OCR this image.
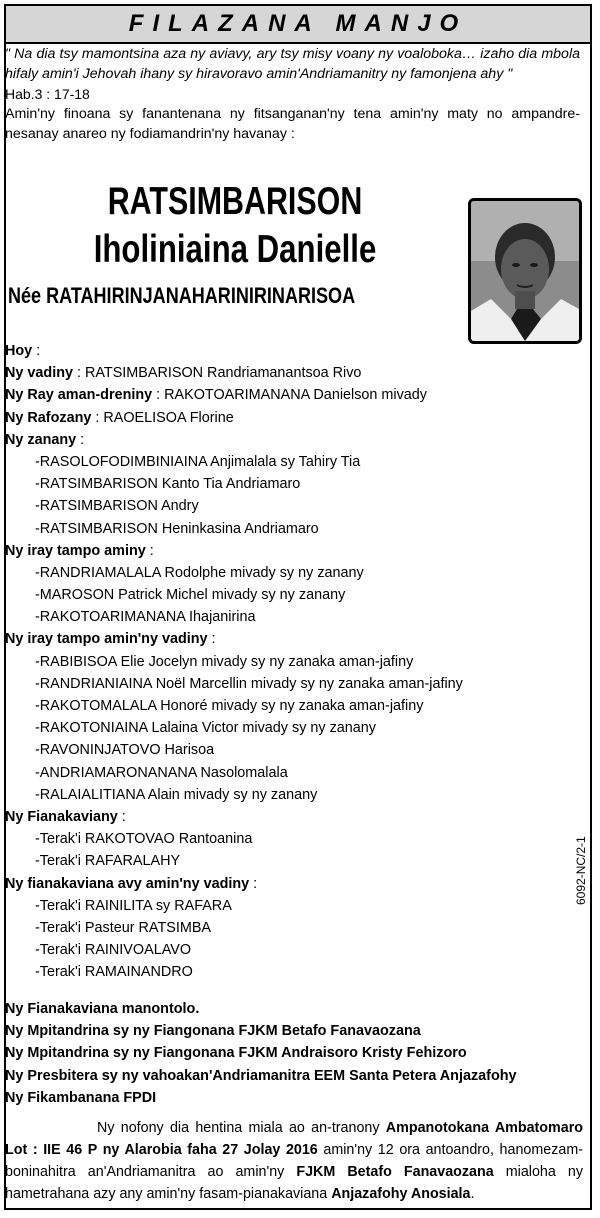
FILAZANA MANJO
" Na dia tsy mamontsina aza ny aviavy, ary tsy misy voany ny voaloboka… izaho dia mbola hifaly amin'i Jehovah ihany sy hiravoravo amin'Andriamanitry ny famonjena ahy "
Hab.3 : 17-18
Amin'ny finoana sy fanantenana ny fitsanganan'ny tena amin'ny maty no ampandre-nesanay anareo ny fodiamandrin'ny havanay :
RATSIMBARISON
Iholiniaina Danielle
Née RATAHIRINJANAHARINIRINARISOA
Hoy :
Ny vadiny : RATSIMBARISON Randriamanantsoa Rivo
Ny Ray aman-dreniny : RAKOTOARIMANANA Danielson mivady
Ny Rafozany : RAOELISOA Florine
Ny zanany :
-RASOLOFODIMBINIAINA Anjimalala sy Tahiry Tia
-RATSIMBARISON Kanto Tia Andriamaro
-RATSIMBARISON Andry
-RATSIMBARISON Heninkasina Andriamaro
Ny iray tampo aminy :
-RANDRIAMALALA Rodolphe mivady sy ny zanany
-MAROSON Patrick Michel mivady sy ny zanany
-RAKOTOARIMANANA Ihajanirina
Ny iray tampo amin'ny vadiny :
-RABIBISOA Elie Jocelyn mivady sy ny zanaka aman-jafiny
-RANDRIANIAINA Noël Marcellin mivady sy ny zanaka aman-jafiny
-RAKOTOMALALA Honoré mivady sy ny zanaka aman-jafiny
-RAKOTONIAINA Lalaina Victor mivady sy ny zanany
-RAVONINJATOVO Harisoa
-ANDRIAMARONANANA Nasolomalala
-RALAIALITIANA Alain mivady sy ny zanany
Ny Fianakaviany :
-Terak'i RAKOTOVAO Rantoanina
-Terak'i RAFARALAHY
Ny fianakaviana avy amin'ny vadiny :
-Terak'i RAINILITA sy RAFARA
-Terak'i Pasteur RATSIMBA
-Terak'i RAINIVOALAVO
-Terak'i RAMAINANDRO
Ny Fianakaviana manontolo.
Ny Mpitandrina sy ny Fiangonana FJKM Betafo Fanavaozana
Ny Mpitandrina sy ny Fiangonana FJKM Andraisoro Kristy Fehizoro
Ny Presbitera sy ny vahoakan'Andriamanitra EEM Santa Petera Anjazafohy
Ny Fikambanana FPDI
Ny nofony dia hentina miala ao an-tranony Ampanotokana Ambatomaro Lot : IIE 46 P ny Alarobia faha 27 Jolay 2016 amin'ny 12 ora antoandro, hanomezam-boninahitra an'Andriamanitra ao amin'ny FJKM Betafo Fanavaozana mialoha ny hametrahana azy any amin'ny fasam-pianakaviana Anjazafohy Anosiala.
6092-NC/2-1
